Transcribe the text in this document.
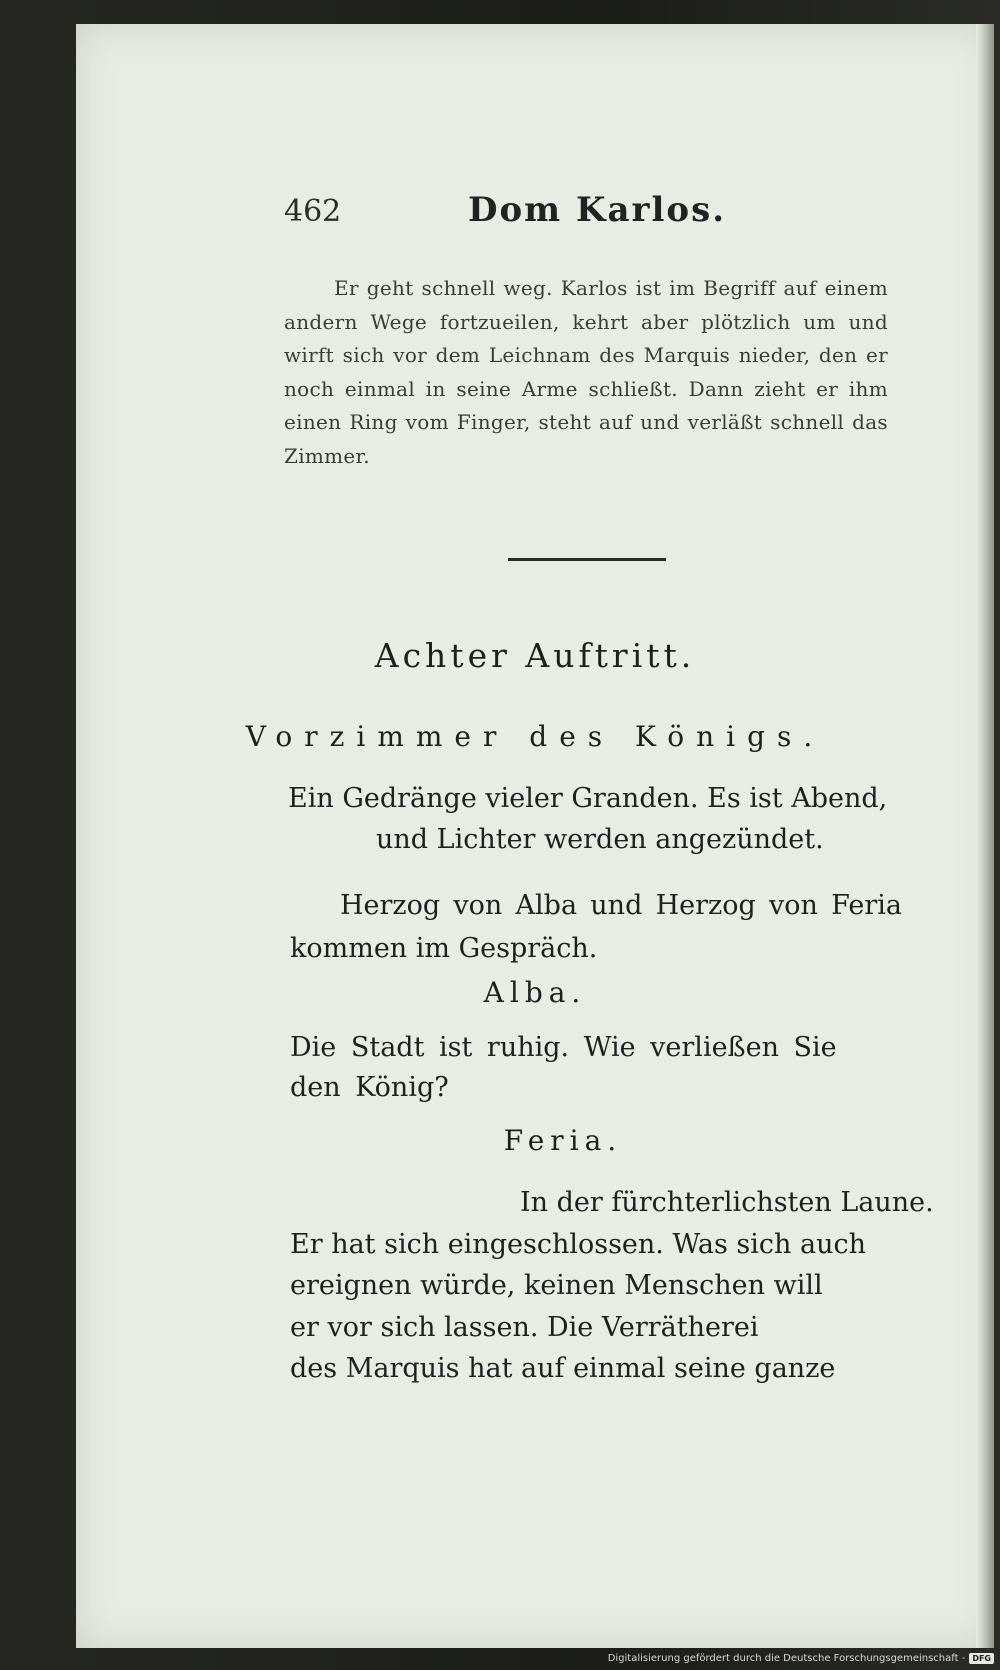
462	Dom Karlos.

Er geht schnell weg. Karlos ist im Begriff auf einem andern Wege fortzueilen, kehrt aber plötzlich um und wirft sich vor dem Leichnam des Marquis nieder, den er noch einmal in seine Arme schließt. Dann zieht er ihm einen Ring vom Finger, steht auf und verläßt schnell das Zimmer.

Achter Auftritt.
Vorzimmer des Königs.

Ein Gedränge vieler Granden. Es ist Abend,
und Lichter werden angezündet.

Herzog von Alba und Herzog von Feria kommen im Gespräch.

Alba.

Die Stadt ist ruhig. Wie verließen Sie den König?

Feria.

In der fürchterlichsten Laune.
Er hat sich eingeschlossen. Was sich auch
ereignen würde, keinen Menschen will
er vor sich lassen. Die Verrätherei
des Marquis hat auf einmal seine ganze

Digitalisierung gefördert durch die Deutsche Forschungsgemeinschaft - DFG
